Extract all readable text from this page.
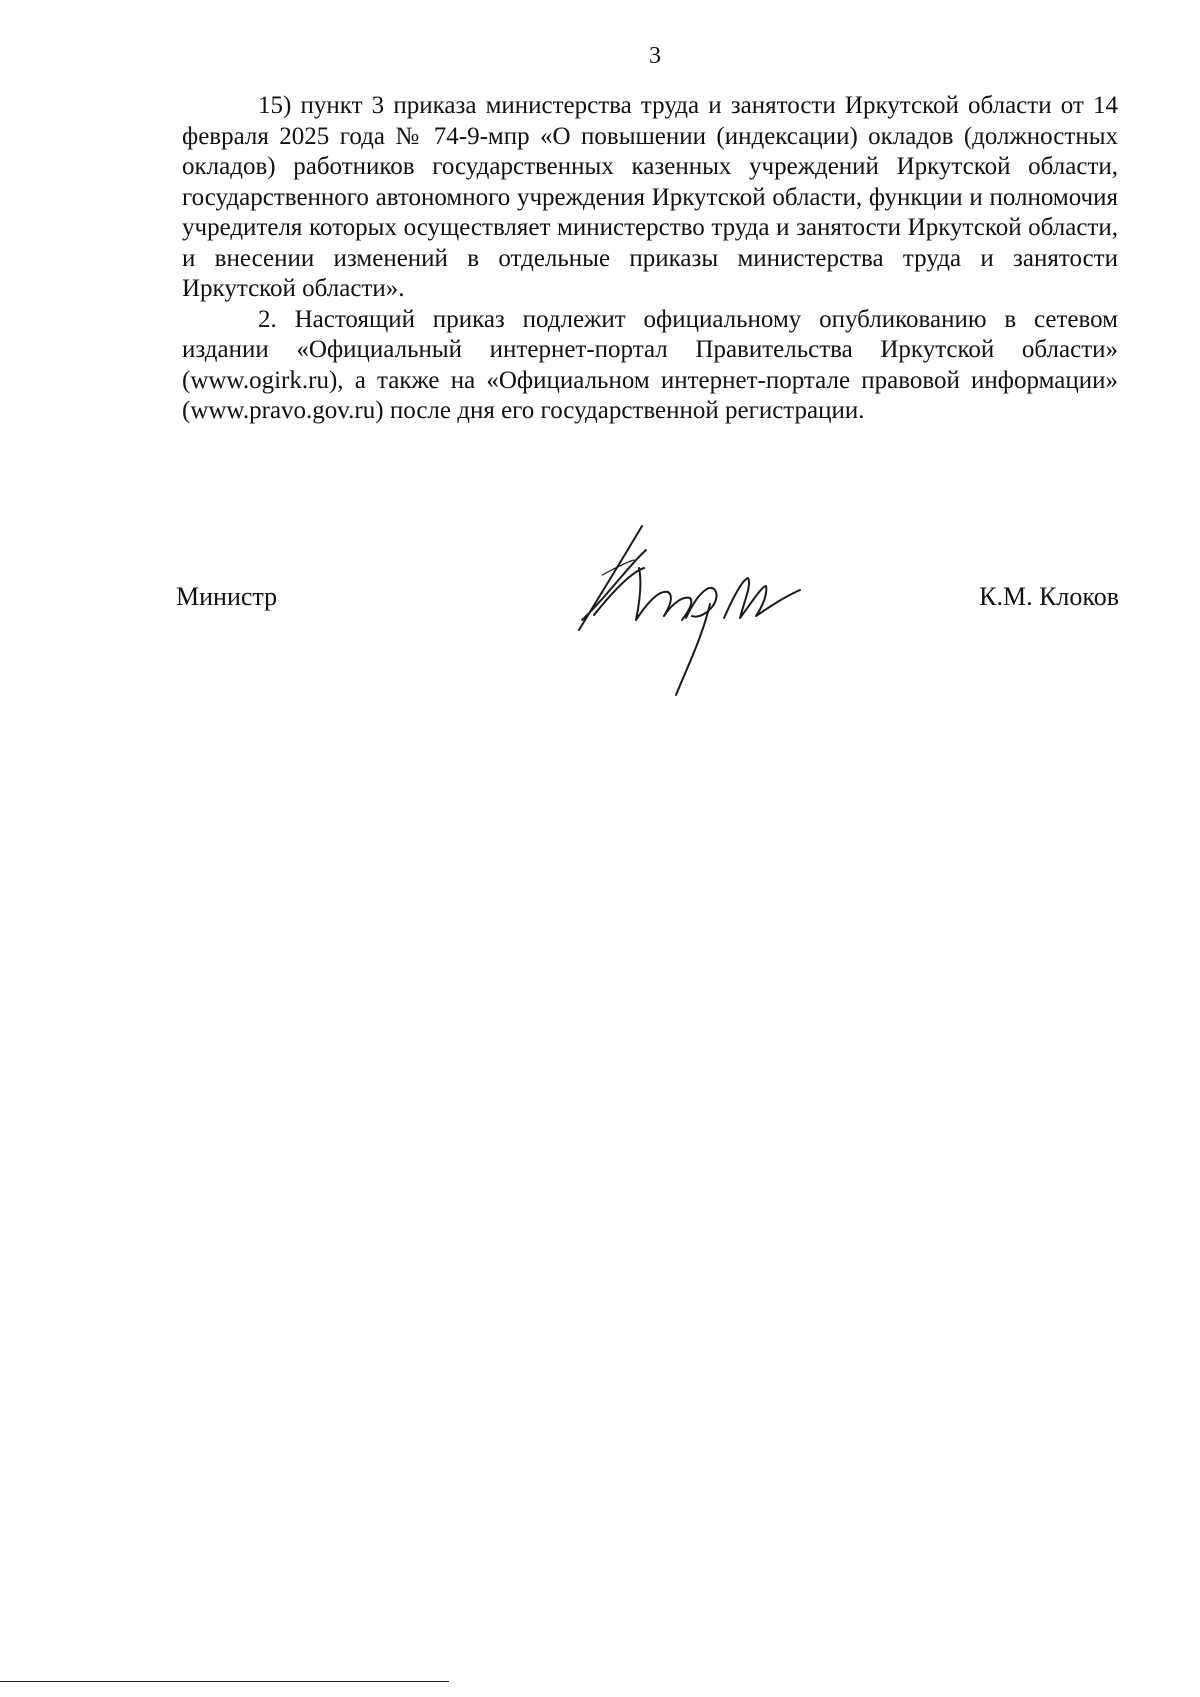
3

15) пункт 3 приказа министерства труда и занятости Иркутской области от 14 февраля 2025 года № 74-9-мпр «О повышении (индексации) окладов (должностных окладов) работников государственных казенных учреждений Иркутской области, государственного автономного учреждения Иркутской области, функции и полномочия учредителя которых осуществляет министерство труда и занятости Иркутской области, и внесении изменений в отдельные приказы министерства труда и занятости Иркутской области».

2. Настоящий приказ подлежит официальному опубликованию в сетевом издании «Официальный интернет-портал Правительства Иркутской области» (www.ogirk.ru), а также на «Официальном интернет-портале правовой информации» (www.pravo.gov.ru) после дня его государственной регистрации.

Министр	К.М. Клоков
